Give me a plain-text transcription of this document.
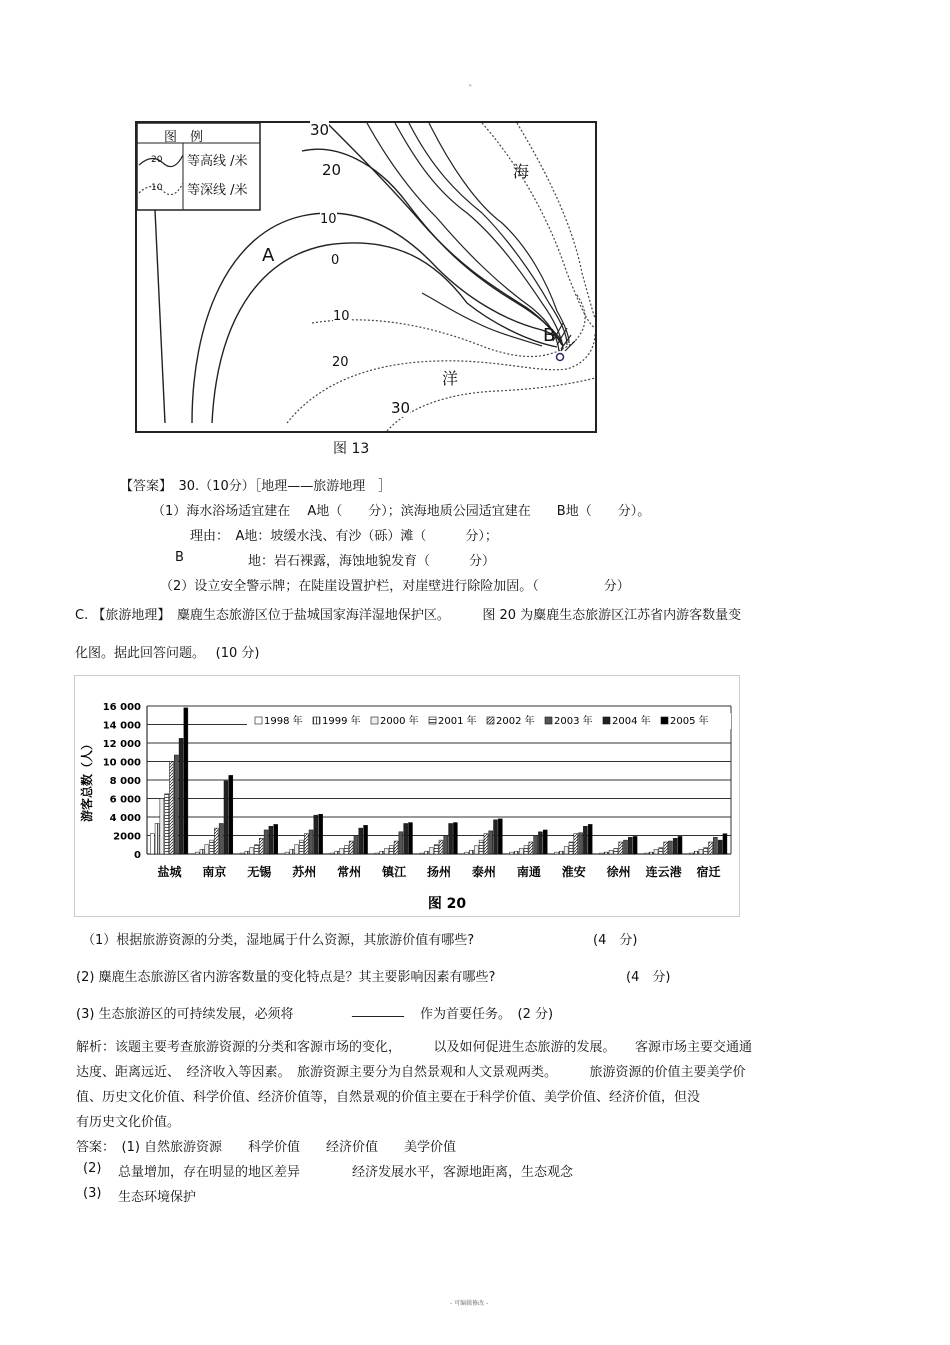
"
图　例
20 等高线 /米
10 等深线 /米
海
洋
A
B
30
20
10
0
10
20
30
图 13
【答案】　30.（10分）［地理——旅游地理　］
（1）海水浴场适宜建在　 A地（　　分）；滨海地质公园适宜建在　　B地（　　分）。
理由：　A地：坡缓水浅、有沙（砾）滩（　　　分）；
B	地：岩石裸露，海蚀地貌发育（　　　分）
（2）设立安全警示牌；在陡崖设置护栏，对崖壁进行除险加固。（　　　　　分）
C. 【旅游地理】　麋鹿生态旅游区位于盐城国家海洋湿地保护区。　　　图 20 为麋鹿生态旅游区江苏省内游客数量变
化图。据此回答问题。　 (10 分)
16 000
14 000
12 000
10 000
8 000
6 000
4 000
2000
0
游客总数（人）
盐城 南京 无锡 苏州 常州 镇江 扬州 泰州 南通 淮安 徐州 连云港 宿迁
1998 年 1999 年 2000 年 2001 年 2002 年 2003 年 2004 年 2005 年
图 20
（1）根据旅游资源的分类，湿地属于什么资源，其旅游价值有哪些?	(4　分)
(2) 麋鹿生态旅游区省内游客数量的变化特点是？其主要影响因素有哪些?	(4　分)
(3) 生态旅游区的可持续发展，必须将	________ 作为首要任务。　(2 分)
解析：该题主要考查旅游资源的分类和客源市场的变化，　　　以及如何促进生态旅游的发展。　　客源市场主要交通通
达度、距离远近、　经济收入等因素。　旅游资源主要分为自然景观和人文景观两类。　　　旅游资源的价值主要美学价
值、历史文化价值、科学价值、经济价值等，自然景观的价值主要在于科学价值、美学价值、经济价值，但没
有历史文化价值。
答案：　(1) 自然旅游资源　　科学价值　　经济价值　　美学价值
(2) 总量增加，存在明显的地区差异　　　　经济发展水平，客源地距离，生态观念
(3) 生态环境保护
- 可编辑修改 -
